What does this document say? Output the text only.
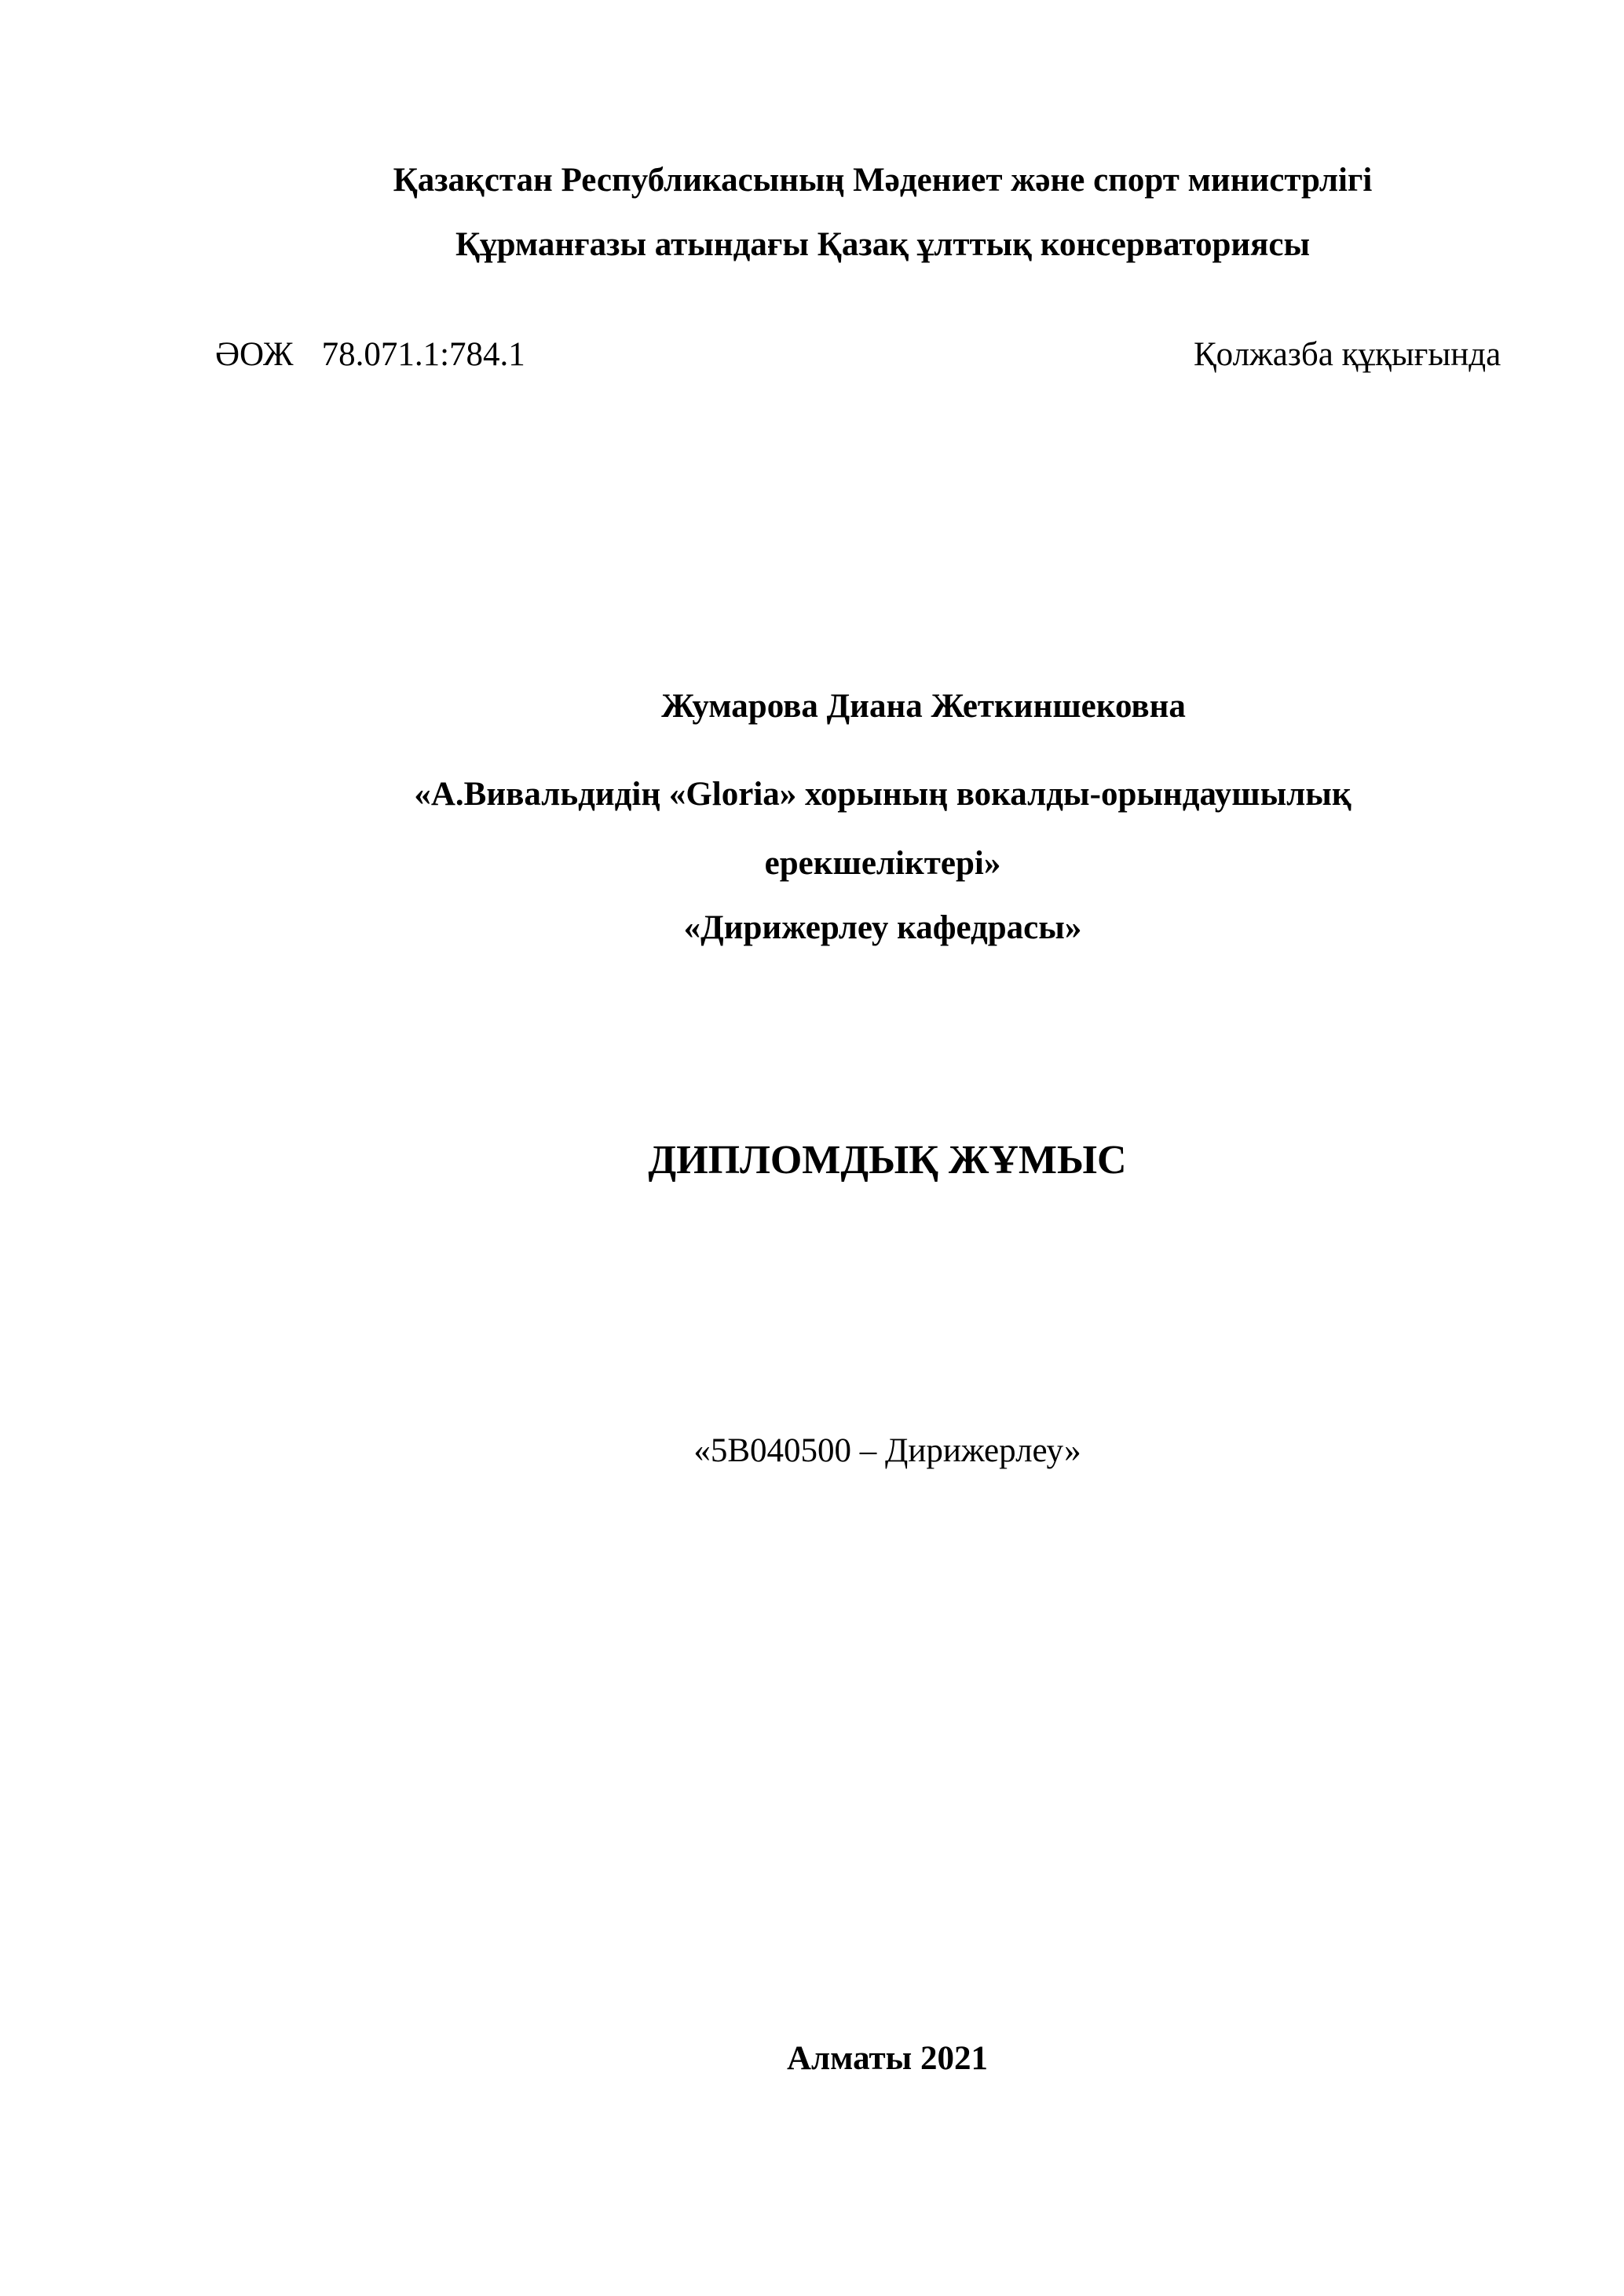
Қазақстан Республикасының Мәдениет және спорт министрлігі
Құрманғазы атындағы Қазақ ұлттық консерваториясы
ӘОЖ 78.071.1:784.1	Қолжазба құқығында
Жумарова Диана Жеткиншековна
«А.Вивальдидің «Gloria» хорының вокалды-орындаушылық
ерекшеліктері»
«Дирижерлеу кафедрасы»
ДИПЛОМДЫҚ ЖҰМЫС
«5В040500 – Дирижерлеу»
Алматы 2021
